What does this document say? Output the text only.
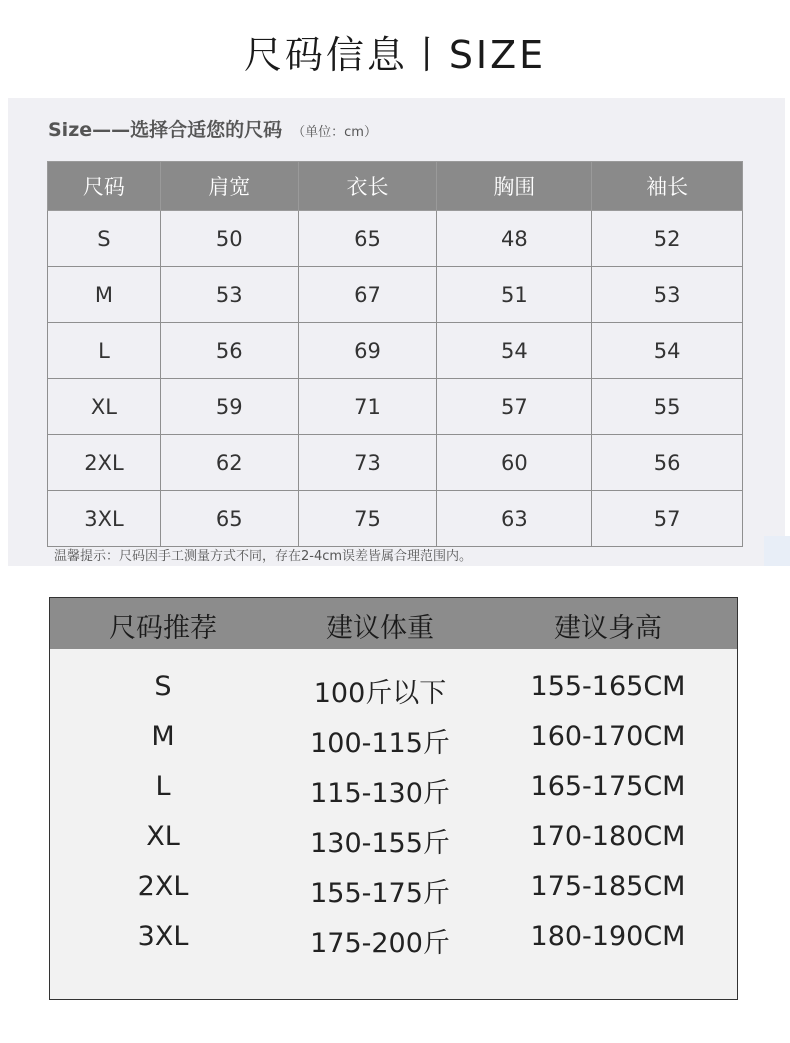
尺码信息丨SIZE
Size——选择合适您的尺码 （单位：cm）
尺码	肩宽	衣长	胸围	袖长
S	50	65	48	52
M	53	67	51	53
L	56	69	54	54
XL	59	71	57	55
2XL	62	73	60	56
3XL	65	75	63	57
温馨提示：尺码因手工测量方式不同，存在2-4cm误差皆属合理范围内。
尺码推荐	建议体重	建议身高
S	100斤以下	155-165CM
M	100-115斤	160-170CM
L	115-130斤	165-175CM
XL	130-155斤	170-180CM
2XL	155-175斤	175-185CM
3XL	175-200斤	180-190CM
